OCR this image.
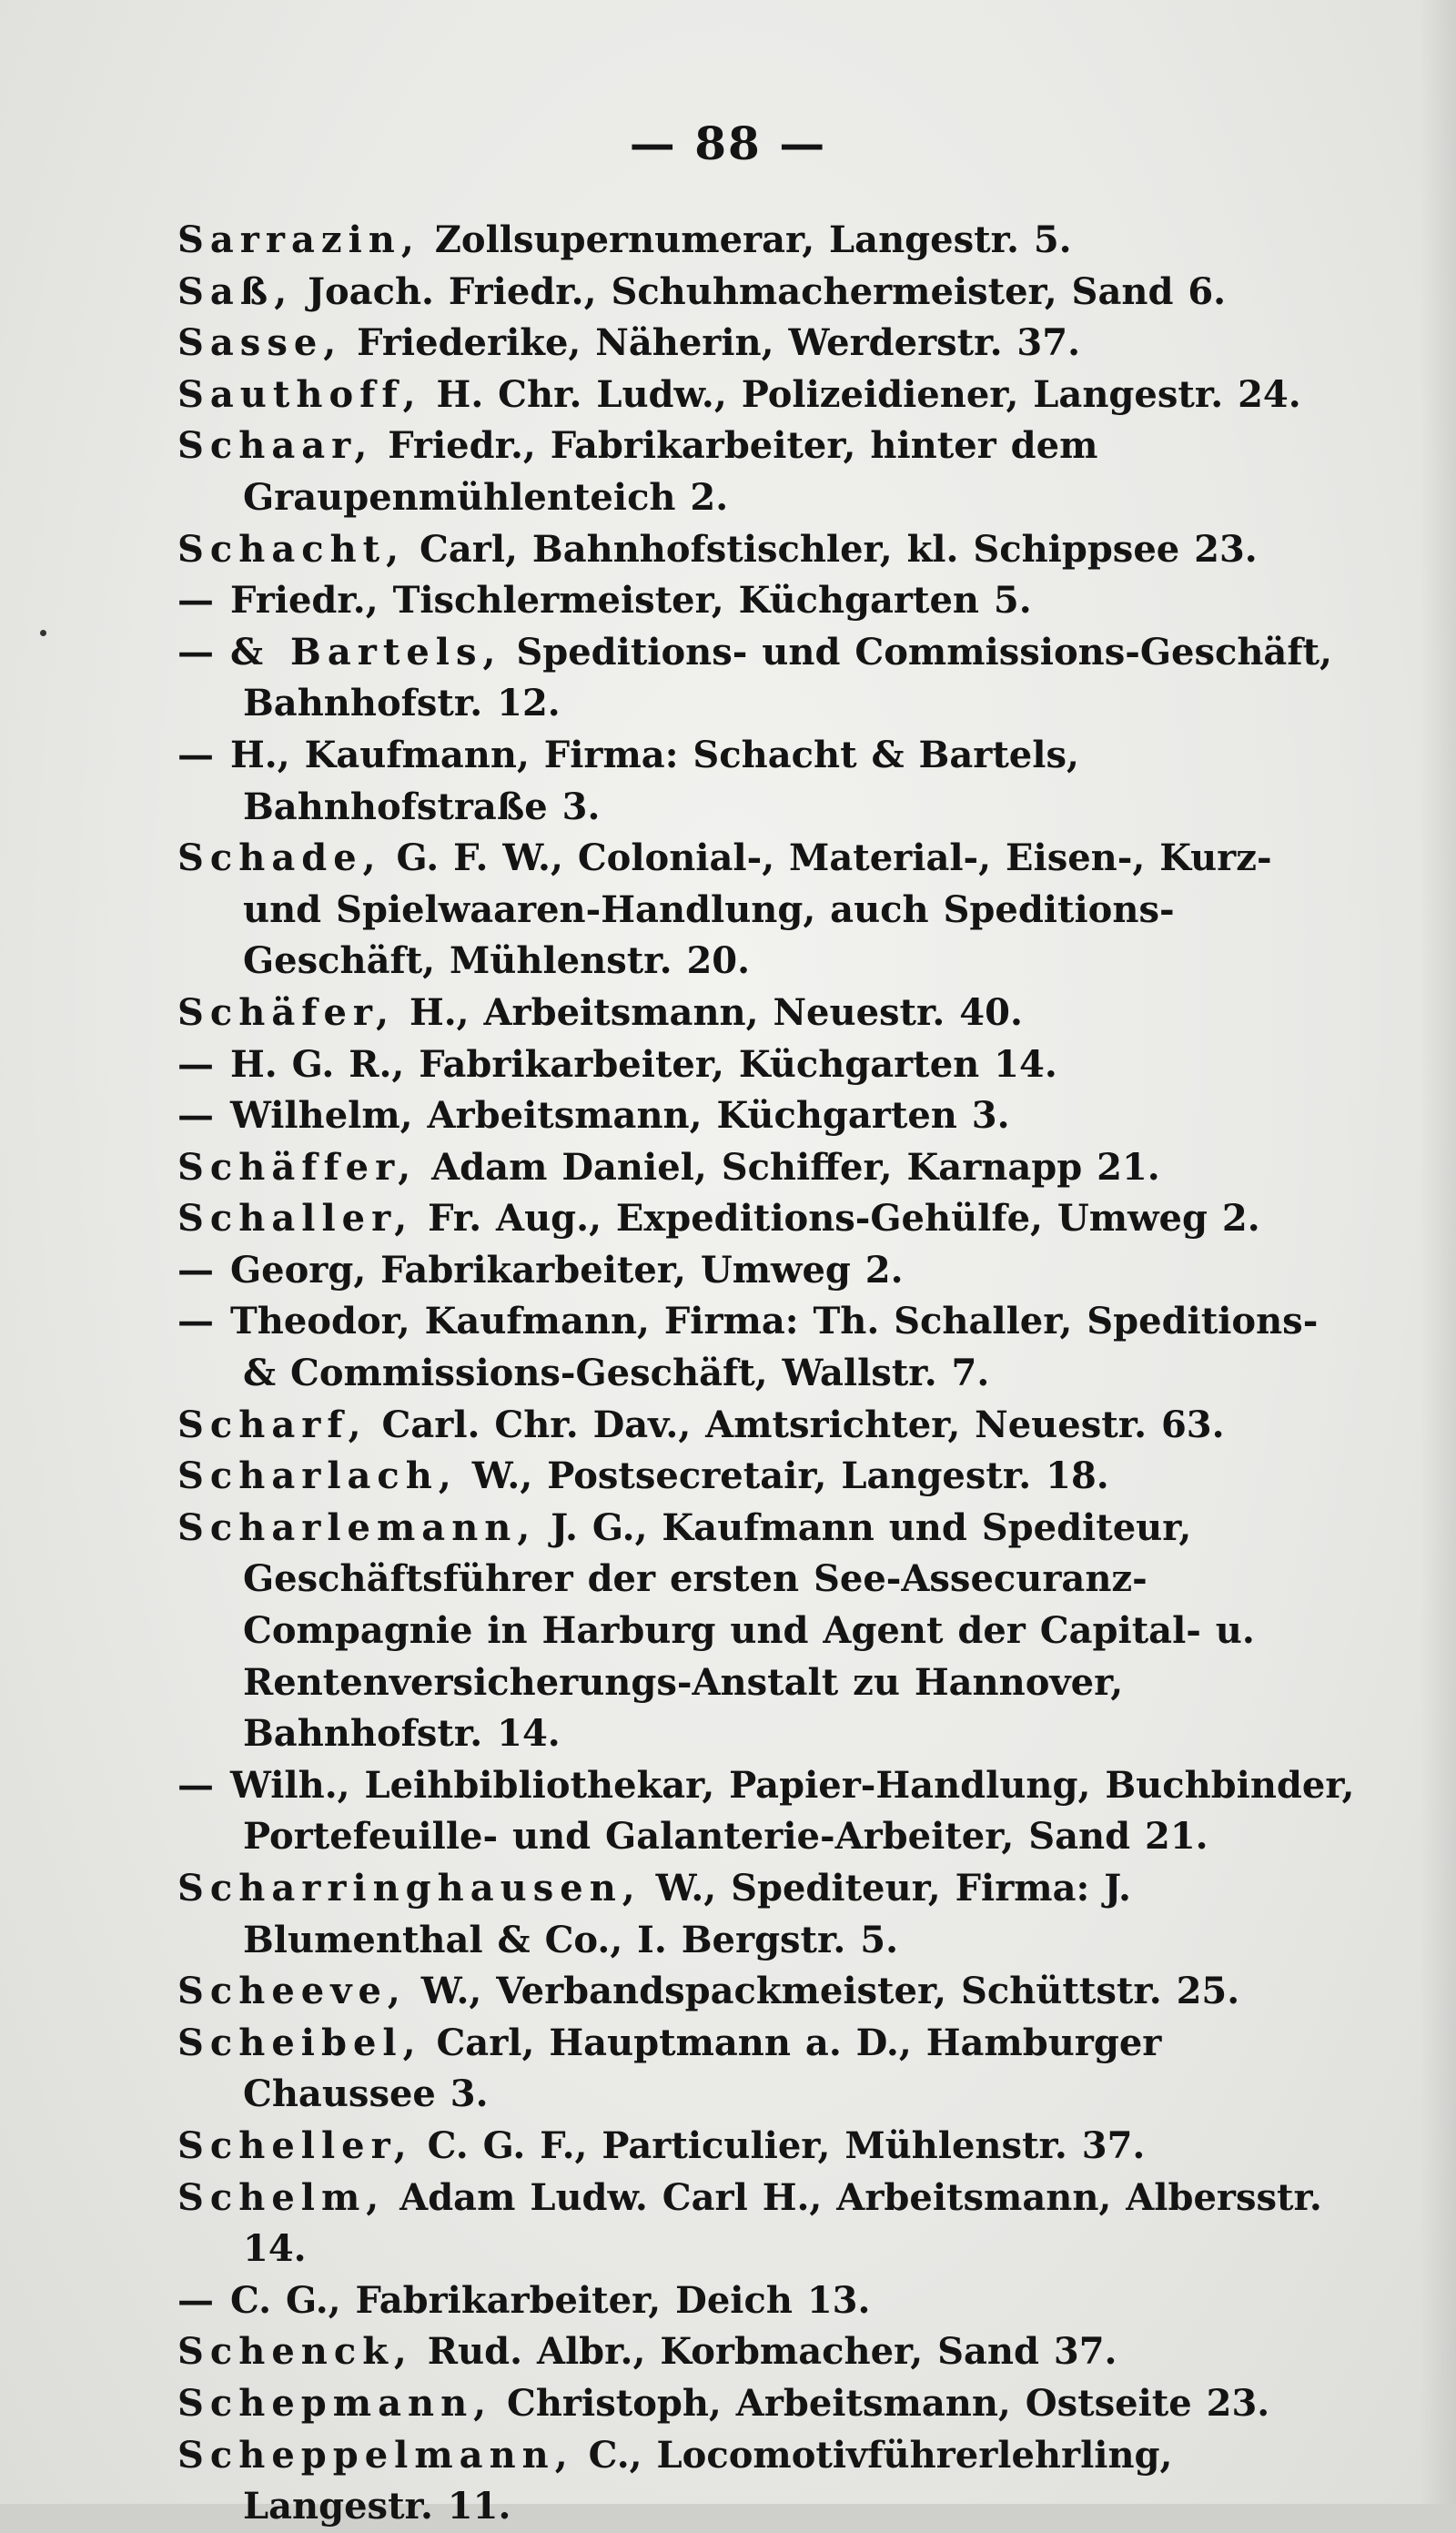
— 88 —

Sarrazin, Zollsupernumerar, Langestr. 5.

Saß, Joach. Friedr., Schuhmachermeister, Sand 6.

Sasse, Friederike, Näherin, Werderstr. 37.

Sauthoff, H. Chr. Ludw., Polizeidiener, Langestr. 24.

Schaar, Friedr., Fabrikarbeiter, hinter dem Graupenmühlenteich 2.

Schacht, Carl, Bahnhofstischler, kl. Schippsee 23.

— Friedr., Tischlermeister, Küchgarten 5.

— & Bartels, Speditions- und Commissions-Geschäft, Bahnhofstr. 12.

— H., Kaufmann, Firma: Schacht & Bartels, Bahnhofstraße 3.

Schade, G. F. W., Colonial-, Material-, Eisen-, Kurz- und Spielwaaren-Handlung, auch Speditions-Geschäft, Mühlenstr. 20.

Schäfer, H., Arbeitsmann, Neuestr. 40.

— H. G. R., Fabrikarbeiter, Küchgarten 14.

— Wilhelm, Arbeitsmann, Küchgarten 3.

Schäffer, Adam Daniel, Schiffer, Karnapp 21.

Schaller, Fr. Aug., Expeditions-Gehülfe, Umweg 2.

— Georg, Fabrikarbeiter, Umweg 2.

— Theodor, Kaufmann, Firma: Th. Schaller, Speditions- & Commissions-Geschäft, Wallstr. 7.

Scharf, Carl. Chr. Dav., Amtsrichter, Neuestr. 63.

Scharlach, W., Postsecretair, Langestr. 18.

Scharlemann, J. G., Kaufmann und Spediteur, Geschäftsführer der ersten See-Assecuranz-Compagnie in Harburg und Agent der Capital- u. Rentenversicherungs-Anstalt zu Hannover, Bahnhofstr. 14.

— Wilh., Leihbibliothekar, Papier-Handlung, Buchbinder, Portefeuille- und Galanterie-Arbeiter, Sand 21.

Scharringhausen, W., Spediteur, Firma: J. Blumenthal & Co., I. Bergstr. 5.

Scheeve, W., Verbandspackmeister, Schüttstr. 25.

Scheibel, Carl, Hauptmann a. D., Hamburger Chaussee 3.

Scheller, C. G. F., Particulier, Mühlenstr. 37.

Schelm, Adam Ludw. Carl H., Arbeitsmann, Albersstr. 14.

— C. G., Fabrikarbeiter, Deich 13.

Schenck, Rud. Albr., Korbmacher, Sand 37.

Schepmann, Christoph, Arbeitsmann, Ostseite 23.

Scheppelmann, C., Locomotivführerlehrling, Langestr. 11.
